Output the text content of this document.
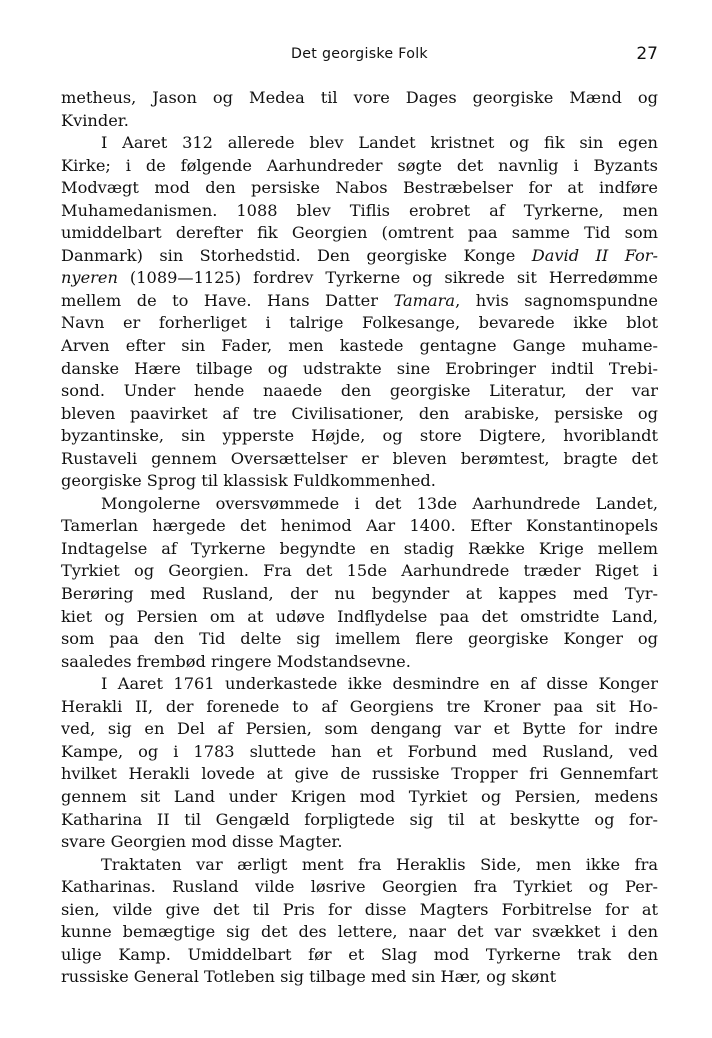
Det georgiske Folk	27
metheus, Jason og Medea til vore Dages georgiske Mænd og
Kvinder.
I Aaret 312 allerede blev Landet kristnet og fik sin egen
Kirke; i de følgende Aarhundreder søgte det navnlig i Byzants
Modvægt mod den persiske Nabos Bestræbelser for at indføre
Muhamedanismen. 1088 blev Tiflis erobret af Tyrkerne, men
umiddelbart derefter fik Georgien (omtrent paa samme Tid som
Danmark) sin Storhedstid. Den georgiske Konge David II For-
nyeren (1089—1125) fordrev Tyrkerne og sikrede sit Herredømme
mellem de to Have. Hans Datter Tamara, hvis sagnomspundne
Navn er forherliget i talrige Folkesange, bevarede ikke blot
Arven efter sin Fader, men kastede gentagne Gange muhame-
danske Hære tilbage og udstrakte sine Erobringer indtil Trebi-
sond. Under hende naaede den georgiske Literatur, der var
bleven paavirket af tre Civilisationer, den arabiske, persiske og
byzantinske, sin ypperste Højde, og store Digtere, hvoriblandt
Rustaveli gennem Oversættelser er bleven berømtest, bragte det
georgiske Sprog til klassisk Fuldkommenhed.
Mongolerne oversvømmede i det 13de Aarhundrede Landet,
Tamerlan hærgede det henimod Aar 1400. Efter Konstantinopels
Indtagelse af Tyrkerne begyndte en stadig Række Krige mellem
Tyrkiet og Georgien. Fra det 15de Aarhundrede træder Riget i
Berøring med Rusland, der nu begynder at kappes med Tyr-
kiet og Persien om at udøve Indflydelse paa det omstridte Land,
som paa den Tid delte sig imellem flere georgiske Konger og
saaledes frembød ringere Modstandsevne.
I Aaret 1761 underkastede ikke desmindre en af disse Konger
Herakli II, der forenede to af Georgiens tre Kroner paa sit Ho-
ved, sig en Del af Persien, som dengang var et Bytte for indre
Kampe, og i 1783 sluttede han et Forbund med Rusland, ved
hvilket Herakli lovede at give de russiske Tropper fri Gennemfart
gennem sit Land under Krigen mod Tyrkiet og Persien, medens
Katharina II til Gengæld forpligtede sig til at beskytte og for-
svare Georgien mod disse Magter.
Traktaten var ærligt ment fra Heraklis Side, men ikke fra
Katharinas. Rusland vilde løsrive Georgien fra Tyrkiet og Per-
sien, vilde give det til Pris for disse Magters Forbitrelse for at
kunne bemægtige sig det des lettere, naar det var svækket i den
ulige Kamp. Umiddelbart før et Slag mod Tyrkerne trak den
russiske General Totleben sig tilbage med sin Hær, og skønt
